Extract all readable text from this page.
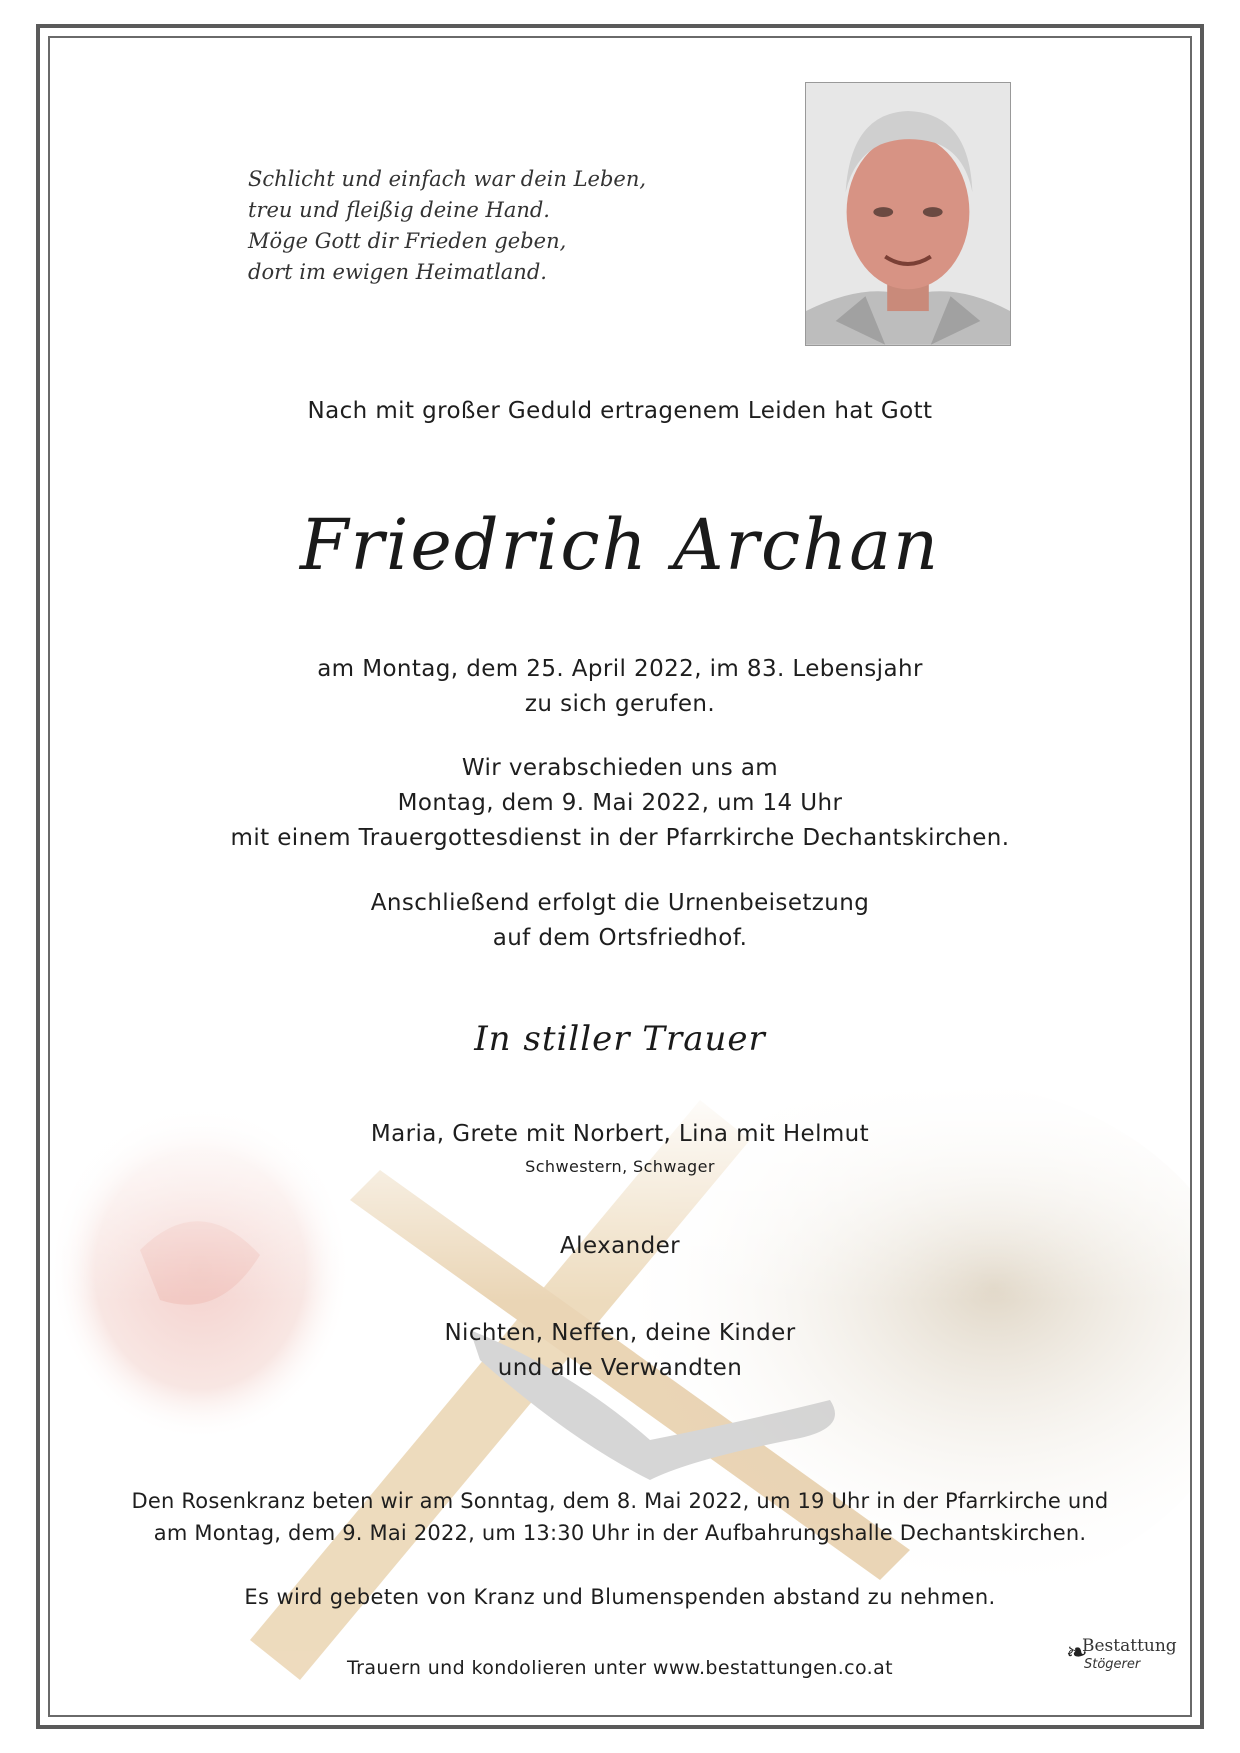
Schlicht und einfach war dein Leben,
treu und fleißig deine Hand.
Möge Gott dir Frieden geben,
dort im ewigen Heimatland.
Nach mit großer Geduld ertragenem Leiden hat Gott
Friedrich Archan
am Montag, dem 25. April 2022, im 83. Lebensjahr
zu sich gerufen.
Wir verabschieden uns am
Montag, dem 9. Mai 2022, um 14 Uhr
mit einem Trauergottesdienst in der Pfarrkirche Dechantskirchen.
Anschließend erfolgt die Urnenbeisetzung
auf dem Ortsfriedhof.
In stiller Trauer
Maria, Grete mit Norbert, Lina mit Helmut
Schwestern, Schwager
Alexander
Nichten, Neffen, deine Kinder
und alle Verwandten
Den Rosenkranz beten wir am Sonntag, dem 8. Mai 2022, um 19 Uhr in der Pfarrkirche und
am Montag, dem 9. Mai 2022, um 13:30 Uhr in der Aufbahrungshalle Dechantskirchen.
Es wird gebeten von Kranz und Blumenspenden abstand zu nehmen.
Trauern und kondolieren unter www.bestattungen.co.at	❧
Bestattung
Stögerer
